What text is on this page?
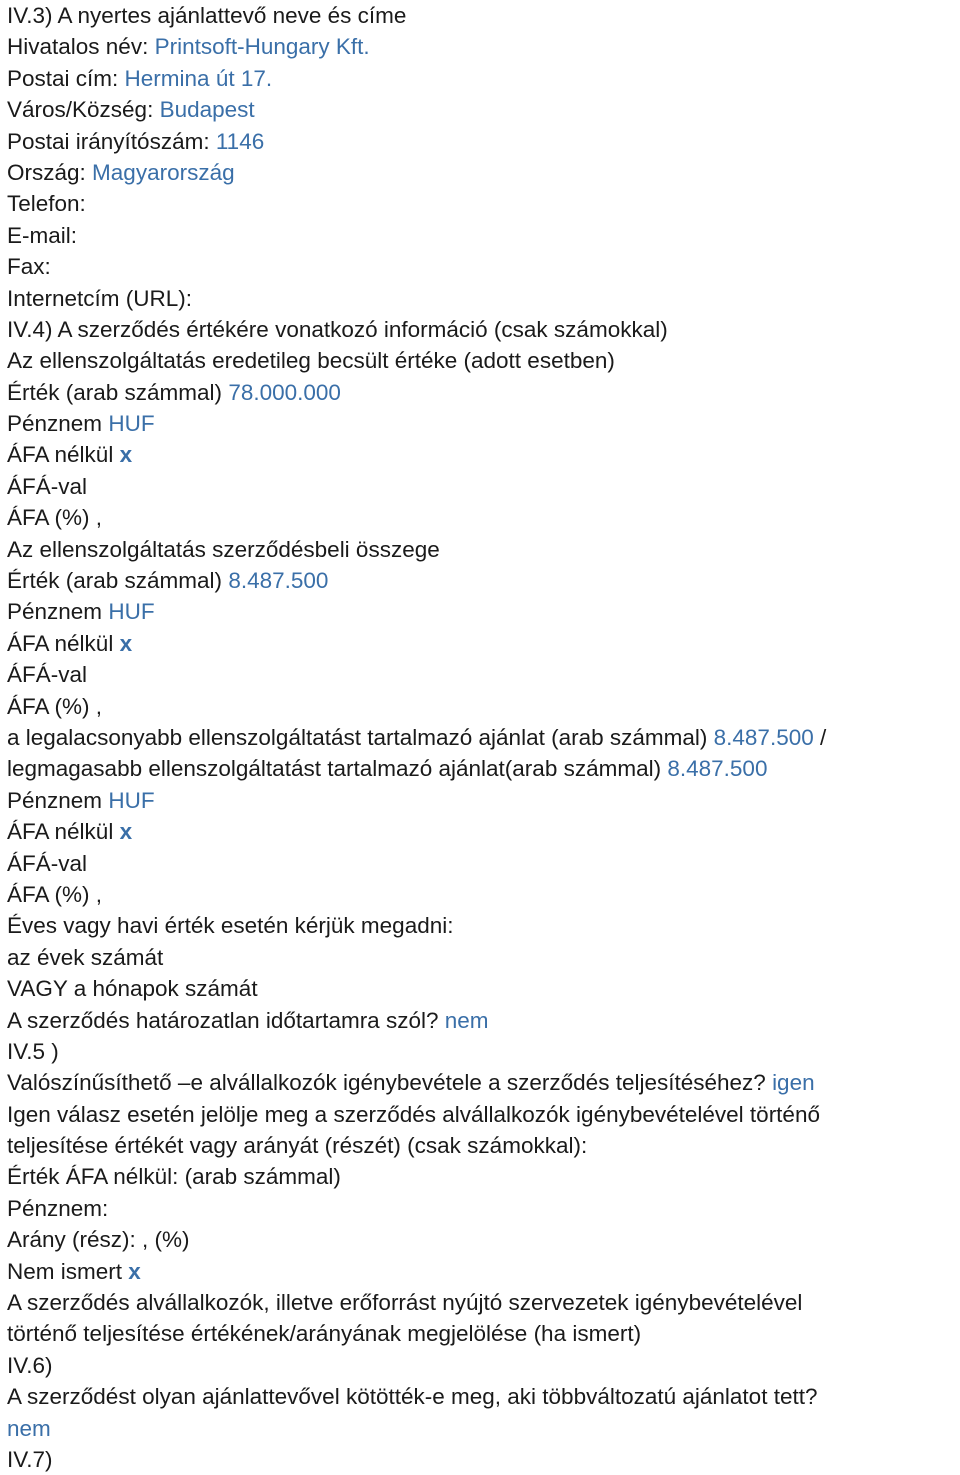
IV.3) A nyertes ajánlattevő neve és címe
Hivatalos név: Printsoft-Hungary Kft.
Postai cím: Hermina út 17.
Város/Község: Budapest
Postai irányítószám: 1146
Ország: Magyarország
Telefon:
E-mail:
Fax:
Internetcím (URL):
IV.4) A szerződés értékére vonatkozó információ (csak számokkal)
Az ellenszolgáltatás eredetileg becsült értéke (adott esetben)
Érték (arab számmal) 78.000.000
Pénznem HUF
ÁFA nélkül x
ÁFÁ-val
ÁFA (%) ,
Az ellenszolgáltatás szerződésbeli összege
Érték (arab számmal) 8.487.500
Pénznem HUF
ÁFA nélkül x
ÁFÁ-val
ÁFA (%) ,
a legalacsonyabb ellenszolgáltatást tartalmazó ajánlat (arab számmal) 8.487.500 /
legmagasabb ellenszolgáltatást tartalmazó ajánlat(arab számmal) 8.487.500
Pénznem HUF
ÁFA nélkül x
ÁFÁ-val
ÁFA (%) ,
Éves vagy havi érték esetén kérjük megadni:
az évek számát
VAGY a hónapok számát
A szerződés határozatlan időtartamra szól? nem
IV.5 )
Valószínűsíthető –e alvállalkozók igénybevétele a szerződés teljesítéséhez? igen
Igen válasz esetén jelölje meg a szerződés alvállalkozók igénybevételével történő
teljesítése értékét vagy arányát (részét) (csak számokkal):
Érték ÁFA nélkül: (arab számmal)
Pénznem:
Arány (rész): , (%)
Nem ismert x
A szerződés alvállalkozók, illetve erőforrást nyújtó szervezetek igénybevételével
történő teljesítése értékének/arányának megjelölése (ha ismert)
IV.6)
A szerződést olyan ajánlattevővel kötötték-e meg, aki többváltozatú ajánlatot tett?
nem
IV.7)
